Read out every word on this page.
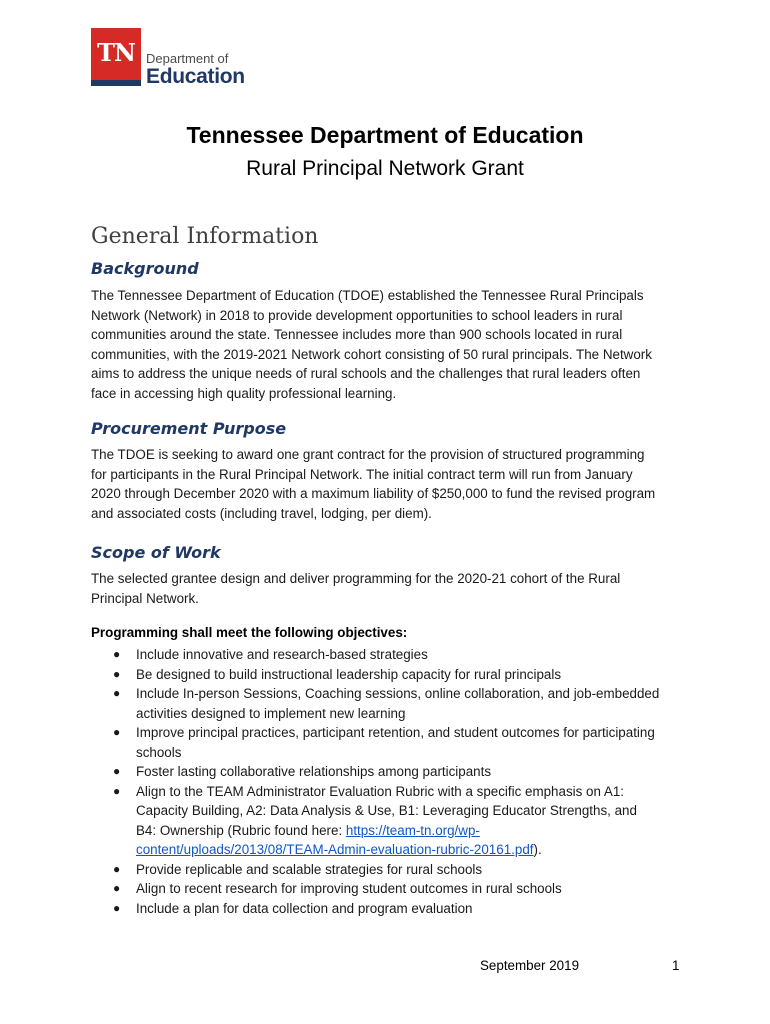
TN Department of
Education
Tennessee Department of Education
Rural Principal Network Grant
General Information
Background
The Tennessee Department of Education (TDOE) established the Tennessee Rural Principals
Network (Network) in 2018 to provide development opportunities to school leaders in rural
communities around the state. Tennessee includes more than 900 schools located in rural
communities, with the 2019-2021 Network cohort consisting of 50 rural principals. The Network
aims to address the unique needs of rural schools and the challenges that rural leaders often
face in accessing high quality professional learning.
Procurement Purpose
The TDOE is seeking to award one grant contract for the provision of structured programming
for participants in the Rural Principal Network. The initial contract term will run from January
2020 through December 2020 with a maximum liability of $250,000 to fund the revised program
and associated costs (including travel, lodging, per diem).
Scope of Work
The selected grantee design and deliver programming for the 2020-21 cohort of the Rural
Principal Network.
Programming shall meet the following objectives:
● Include innovative and research-based strategies
● Be designed to build instructional leadership capacity for rural principals
● Include In-person Sessions, Coaching sessions, online collaboration, and job-embedded
activities designed to implement new learning
● Improve principal practices, participant retention, and student outcomes for participating
schools
● Foster lasting collaborative relationships among participants
● Align to the TEAM Administrator Evaluation Rubric with a specific emphasis on A1:
Capacity Building, A2: Data Analysis & Use, B1: Leveraging Educator Strengths, and
B4: Ownership (Rubric found here: https://team-tn.org/wp-
content/uploads/2013/08/TEAM-Admin-evaluation-rubric-20161.pdf).
● Provide replicable and scalable strategies for rural schools
● Align to recent research for improving student outcomes in rural schools
● Include a plan for data collection and program evaluation
September 2019	1
